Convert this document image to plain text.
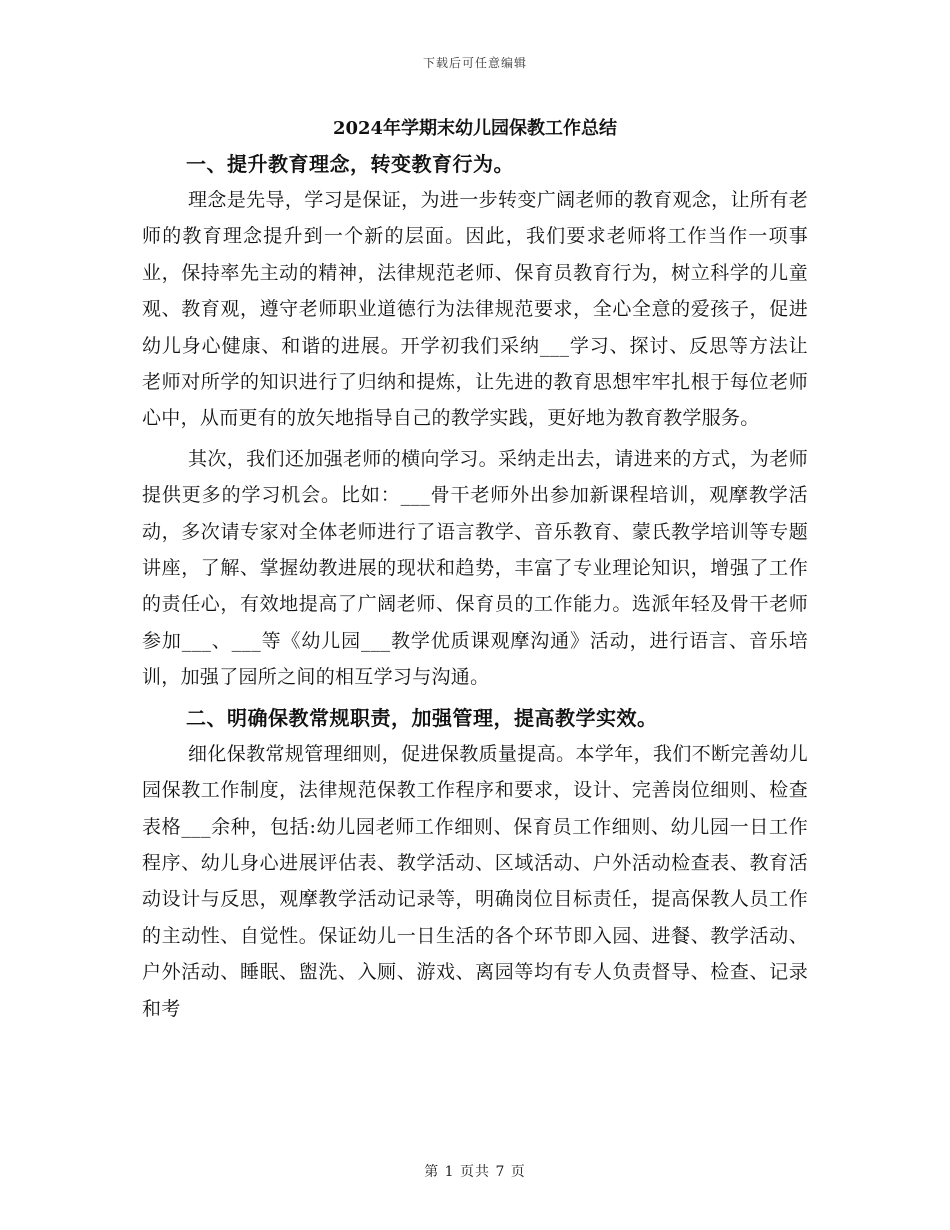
下载后可任意编辑
2024年学期末幼儿园保教工作总结
一、提升教育理念，转变教育行为。

理念是先导，学习是保证，为进一步转变广阔老师的教育观念，让所有老师的教育理念提升到一个新的层面。因此，我们要求老师将工作当作一项事业，保持率先主动的精神，法律规范老师、保育员教育行为，树立科学的儿童观、教育观，遵守老师职业道德行为法律规范要求，全心全意的爱孩子，促进幼儿身心健康、和谐的进展。开学初我们采纳___学习、探讨、反思等方法让老师对所学的知识进行了归纳和提炼，让先进的教育思想牢牢扎根于每位老师心中，从而更有的放矢地指导自己的教学实践，更好地为教育教学服务。

其次，我们还加强老师的横向学习。采纳走出去，请进来的方式，为老师提供更多的学习机会。比如：___骨干老师外出参加新课程培训，观摩教学活动，多次请专家对全体老师进行了语言教学、音乐教育、蒙氏教学培训等专题讲座，了解、掌握幼教进展的现状和趋势，丰富了专业理论知识，增强了工作的责任心，有效地提高了广阔老师、保育员的工作能力。选派年轻及骨干老师参加___、___等《幼儿园___教学优质课观摩沟通》活动，进行语言、音乐培训，加强了园所之间的相互学习与沟通。

二、明确保教常规职责，加强管理，提高教学实效。

细化保教常规管理细则，促进保教质量提高。本学年，我们不断完善幼儿园保教工作制度，法律规范保教工作程序和要求，设计、完善岗位细则、检查表格___余种，包括:幼儿园老师工作细则、保育员工作细则、幼儿园一日工作程序、幼儿身心进展评估表、教学活动、区域活动、户外活动检查表、教育活动设计与反思，观摩教学活动记录等，明确岗位目标责任，提高保教人员工作的主动性、自觉性。保证幼儿一日生活的各个环节即入园、进餐、教学活动、户外活动、睡眠、盥洗、入厕、游戏、离园等均有专人负责督导、检查、记录和考

第 1 页共 7 页
